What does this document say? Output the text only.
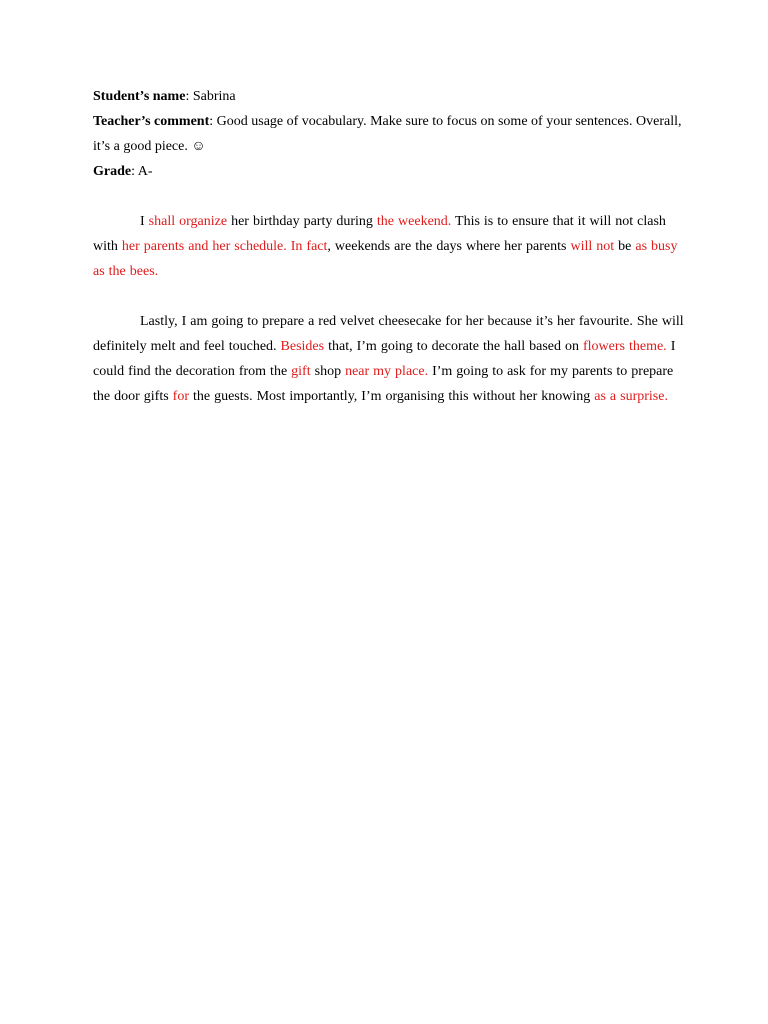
Student’s name: Sabrina

Teacher’s comment: Good usage of vocabulary. Make sure to focus on some of your sentences. Overall, it’s a good piece. ☺

Grade: A-

I shall organize her birthday party during the weekend. This is to ensure that it will not clash with her parents and her schedule. In fact, weekends are the days where her parents will not be as busy as the bees.

Lastly, I am going to prepare a red velvet cheesecake for her because it’s her favourite. She will definitely melt and feel touched. Besides that, I’m going to decorate the hall based on flowers theme. I could find the decoration from the gift shop near my place. I’m going to ask for my parents to prepare the door gifts for the guests. Most importantly, I’m organising this without her knowing as a surprise.
